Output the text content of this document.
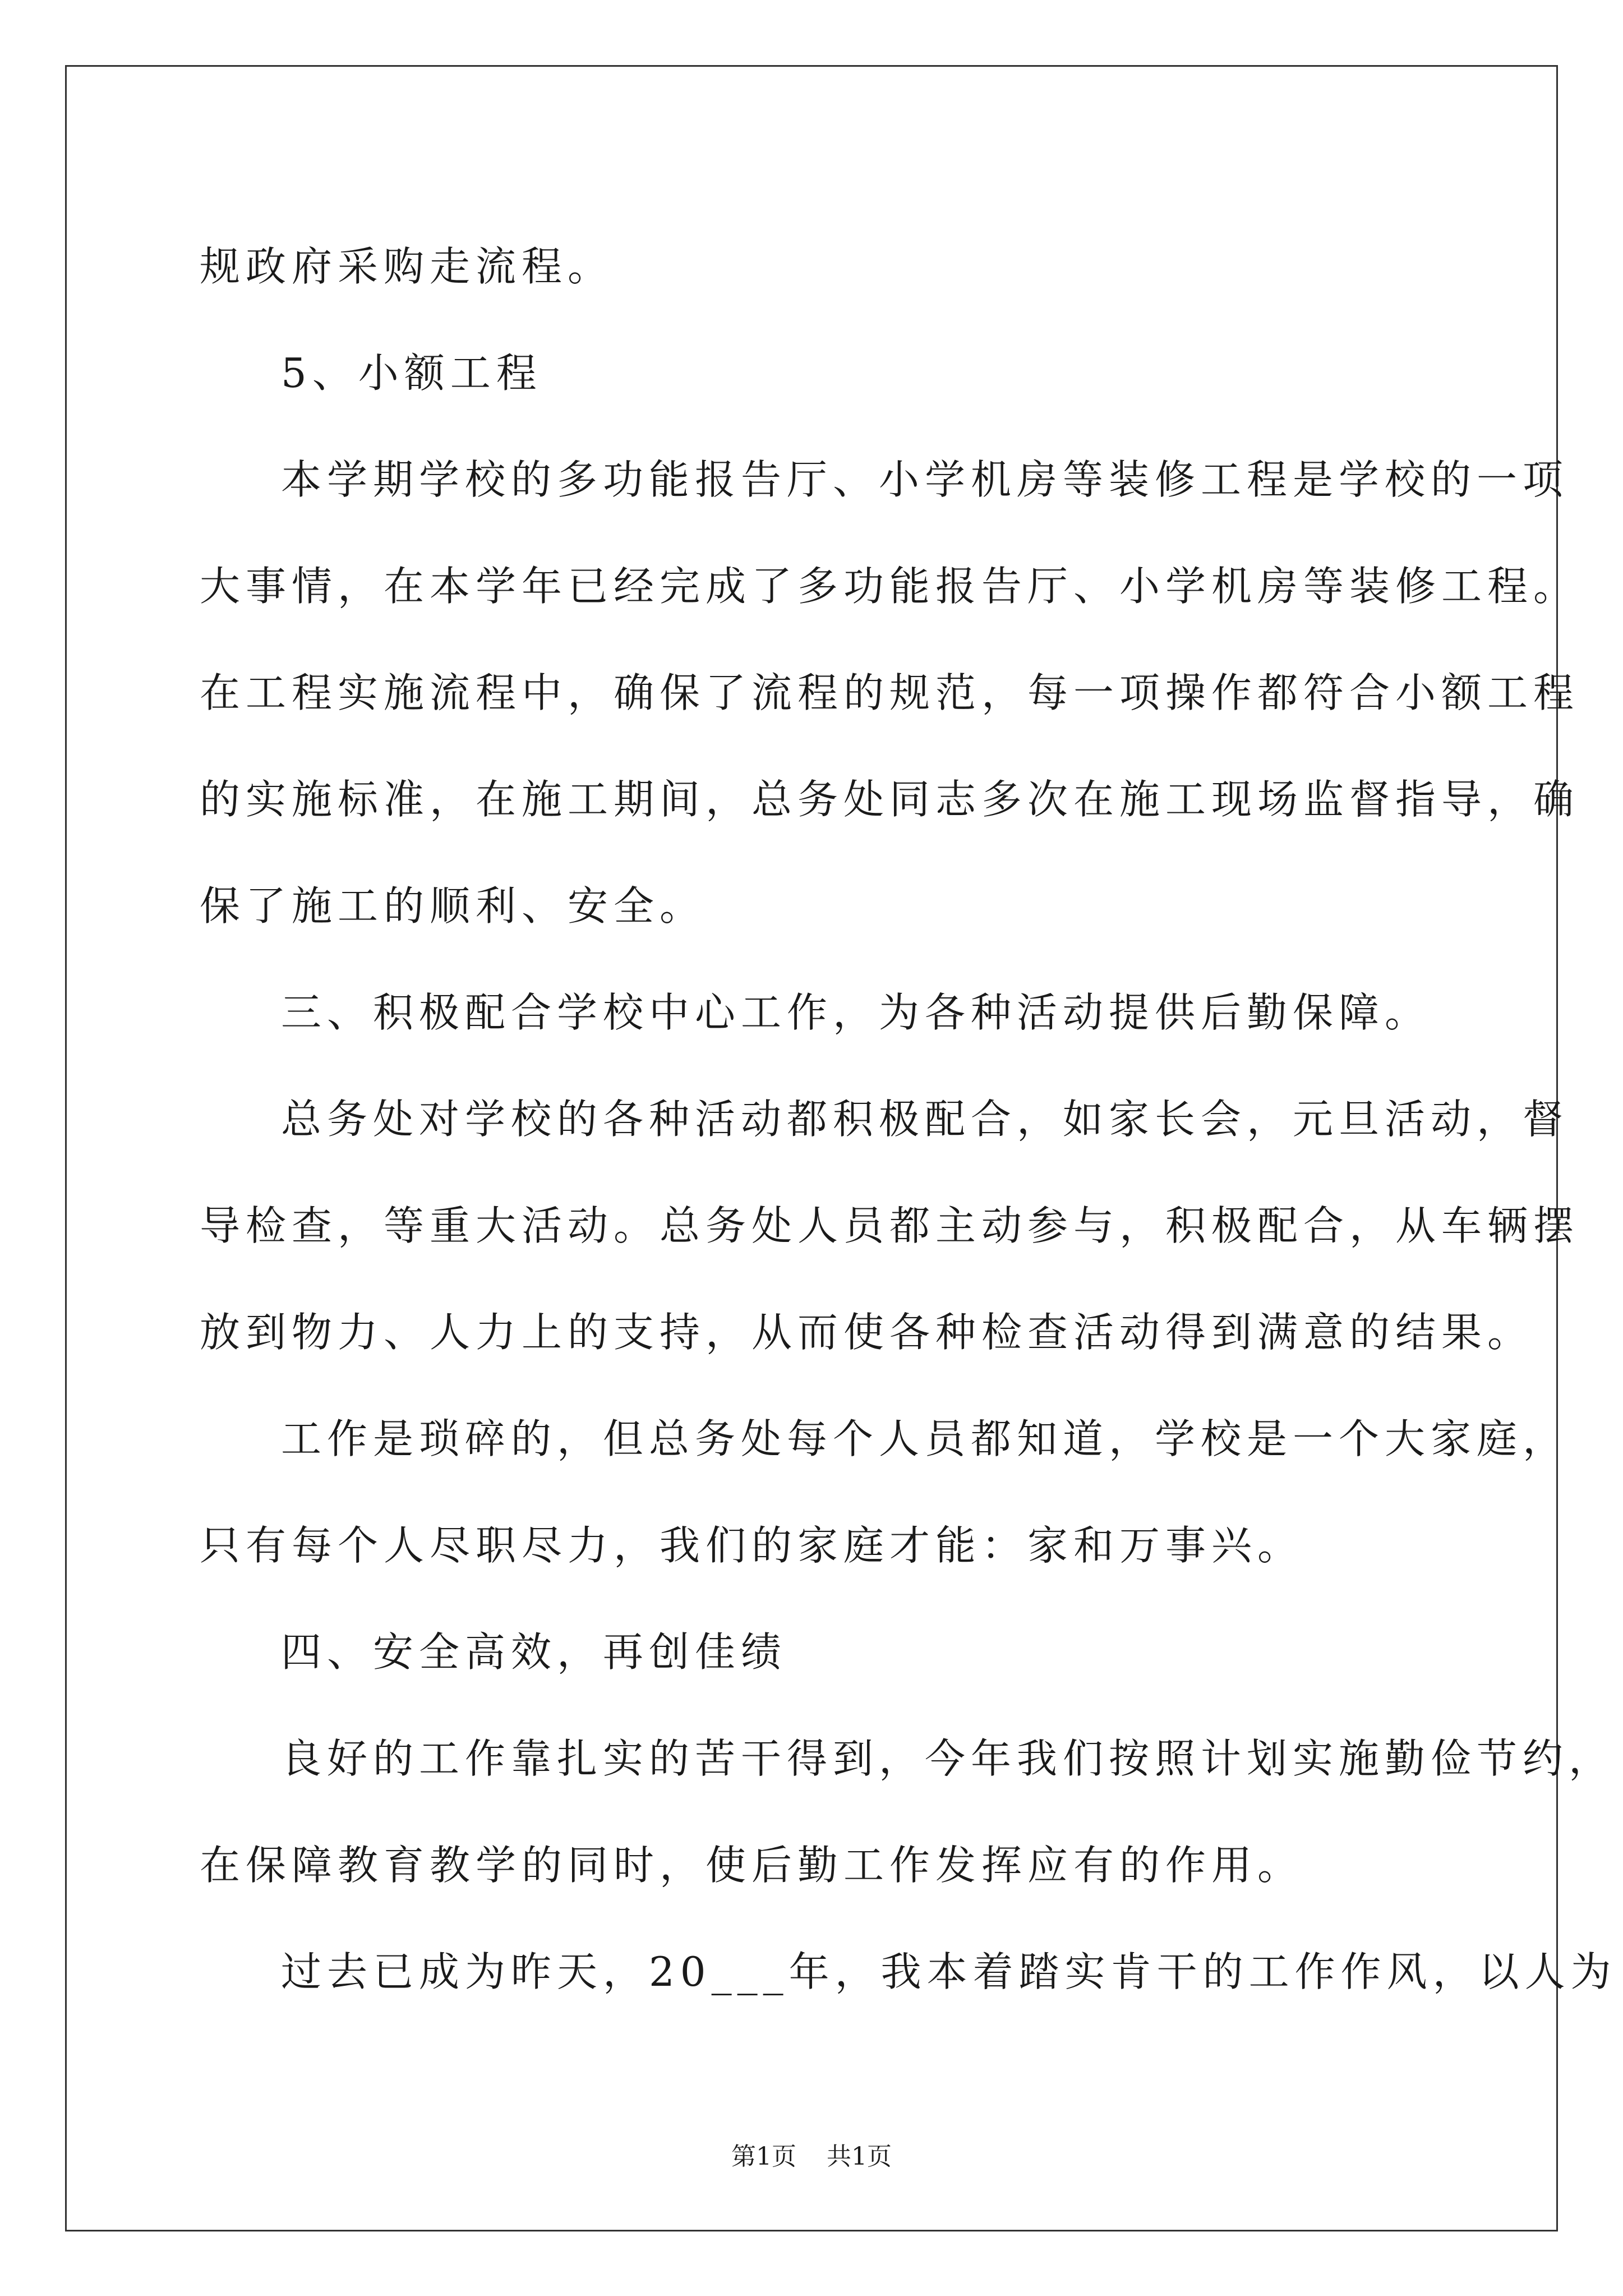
规政府采购走流程。
5、小额工程
本学期学校的多功能报告厅、小学机房等装修工程是学校的一项
大事情，在本学年已经完成了多功能报告厅、小学机房等装修工程。
在工程实施流程中，确保了流程的规范，每一项操作都符合小额工程
的实施标准，在施工期间，总务处同志多次在施工现场监督指导，确
保了施工的顺利、安全。
三、积极配合学校中心工作，为各种活动提供后勤保障。
总务处对学校的各种活动都积极配合，如家长会，元旦活动，督
导检查，等重大活动。总务处人员都主动参与，积极配合，从车辆摆
放到物力、人力上的支持，从而使各种检查活动得到满意的结果。
工作是琐碎的，但总务处每个人员都知道，学校是一个大家庭，
只有每个人尽职尽力，我们的家庭才能：家和万事兴。
四、安全高效，再创佳绩
良好的工作靠扎实的苦干得到，今年我们按照计划实施勤俭节约，
在保障教育教学的同时，使后勤工作发挥应有的作用。
过去已成为昨天，20___年，我本着踏实肯干的工作作风，以人为

第1页 共1页
